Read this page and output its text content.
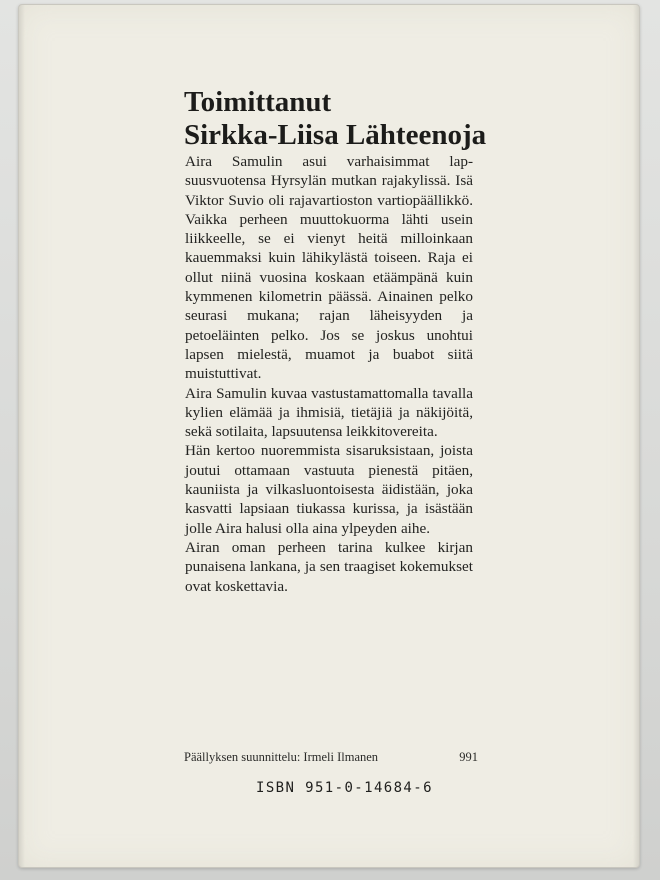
Toimittanut
Sirkka-Liisa Lähteenoja

Aira Samulin asui varhaisimmat lapsuusvuotensa Hyrsylän mutkan rajakylissä. Isä Viktor Suvio oli rajavartioston vartiopäällikkö. Vaikka perheen muuttokuorma lähti usein liikkeelle, se ei vienyt heitä milloinkaan kauemmaksi kuin lähikylästä toiseen. Raja ei ollut niinä vuosina koskaan etäämpänä kuin kymmenen kilometrin päässä. Ainainen pelko seurasi mukana; rajan läheisyyden ja petoeläinten pelko. Jos se joskus unohtui lapsen mielestä, muamot ja buabot siitä muistuttivat.

Aira Samulin kuvaa vastustamattomalla tavalla kylien elämää ja ihmisiä, tietäjiä ja näkijöitä, sekä sotilaita, lapsuutensa leikkitovereita.

Hän kertoo nuoremmista sisaruksistaan, joista joutui ottamaan vastuuta pienestä pitäen, kauniista ja vilkasluontoisesta äidistään, joka kasvatti lapsiaan tiukassa kurissa, ja isästään jolle Aira halusi olla aina ylpeyden aihe.

Airan oman perheen tarina kulkee kirjan punaisena lankana, ja sen traagiset kokemukset ovat koskettavia.

Päällyksen suunnittelu: Irmeli Ilmanen	991
ISBN 951-0-14684-6
